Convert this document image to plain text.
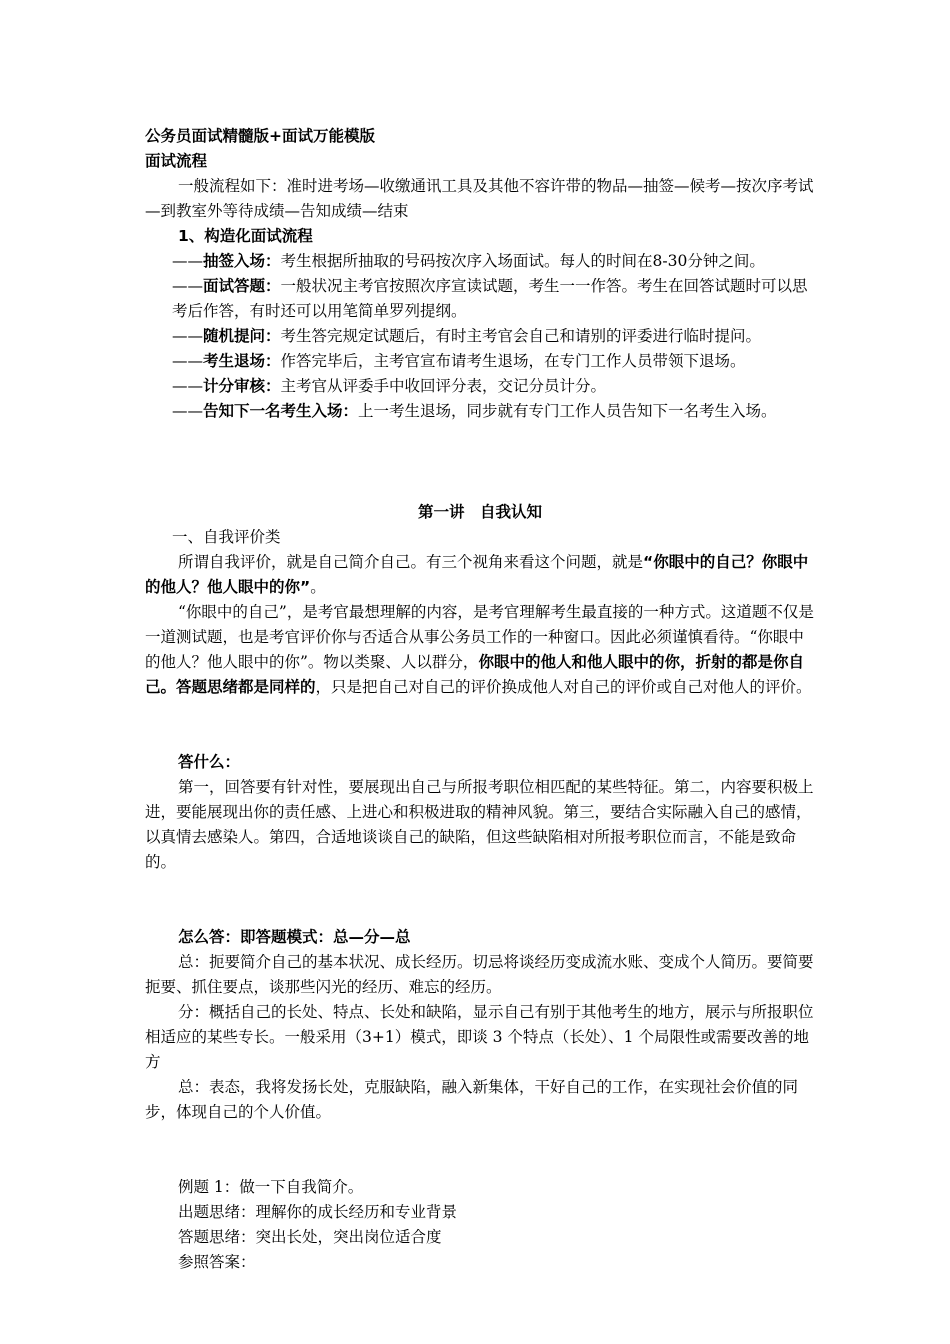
公务员面试精髓版+面试万能模版

面试流程

一般流程如下：准时进考场—收缴通讯工具及其他不容许带的物品—抽签—候考—按次序考试—到教室外等待成绩—告知成绩—结束

1、构造化面试流程

——抽签入场：考生根据所抽取的号码按次序入场面试。每人的时间在8-30分钟之间。

——面试答题：一般状况主考官按照次序宣读试题，考生一一作答。考生在回答试题时可以思考后作答，有时还可以用笔简单罗列提纲。

——随机提问：考生答完规定试题后，有时主考官会自己和请别的评委进行临时提问。

——考生退场：作答完毕后，主考官宣布请考生退场，在专门工作人员带领下退场。

——计分审核：主考官从评委手中收回评分表，交记分员计分。

——告知下一名考生入场：上一考生退场，同步就有专门工作人员告知下一名考生入场。

第一讲　自我认知

一、自我评价类

所谓自我评价，就是自己简介自己。有三个视角来看这个问题，就是“你眼中的自己？你眼中的他人？他人眼中的你”。

“你眼中的自己”，是考官最想理解的内容，是考官理解考生最直接的一种方式。这道题不仅是一道测试题，也是考官评价你与否适合从事公务员工作的一种窗口。因此必须谨慎看待。“你眼中的他人？他人眼中的你”。物以类聚、人以群分，你眼中的他人和他人眼中的你，折射的都是你自己。答题思绪都是同样的，只是把自己对自己的评价换成他人对自己的评价或自己对他人的评价。

答什么：

第一，回答要有针对性，要展现出自己与所报考职位相匹配的某些特征。第二，内容要积极上进，要能展现出你的责任感、上进心和积极进取的精神风貌。第三，要结合实际融入自己的感情，以真情去感染人。第四，合适地谈谈自己的缺陷，但这些缺陷相对所报考职位而言，不能是致命的。

怎么答：即答题模式：总—分—总

总：扼要简介自己的基本状况、成长经历。切忌将谈经历变成流水账、变成个人简历。要简要扼要、抓住要点，谈那些闪光的经历、难忘的经历。

分：概括自己的长处、特点、长处和缺陷，显示自己有别于其他考生的地方，展示与所报职位相适应的某些专长。一般采用（3+1）模式，即谈 3 个特点（长处）、1 个局限性或需要改善的地方

总：表态，我将发扬长处，克服缺陷，融入新集体，干好自己的工作，在实现社会价值的同步，体现自己的个人价值。

例题 1：做一下自我简介。

出题思绪：理解你的成长经历和专业背景

答题思绪：突出长处，突出岗位适合度

参照答案：
